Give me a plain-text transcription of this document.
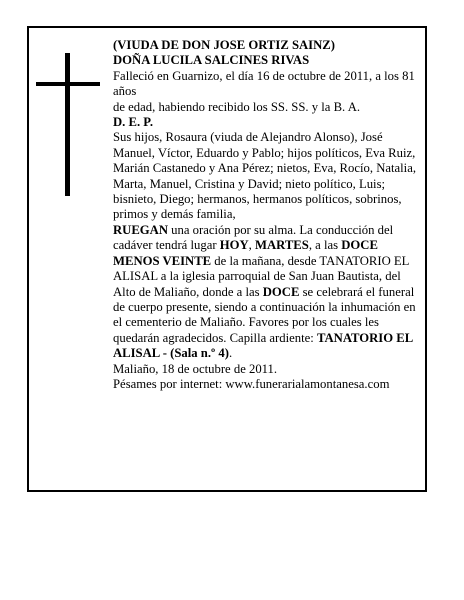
(VIUDA DE DON JOSE ORTIZ SAINZ)

DOÑA LUCILA SALCINES RIVAS

Falleció en Guarnizo, el día 16 de octubre de 2011, a los 81 años

de edad, habiendo recibido los SS. SS. y la B. A.

D. E. P.

Sus hijos, Rosaura (viuda de Alejandro Alonso), José Manuel, Víctor, Eduardo y Pablo; hijos políticos, Eva Ruiz, Marián Castanedo y Ana Pérez; nietos, Eva, Rocío, Natalia, Marta, Manuel, Cristina y David; nieto político, Luis; bisnieto, Diego; hermanos, hermanos políticos, sobrinos, primos y demás familia,

RUEGAN una oración por su alma. La conducción del cadáver tendrá lugar HOY, MARTES, a las DOCE MENOS VEINTE de la mañana, desde TANATORIO EL ALISAL a la iglesia parroquial de San Juan Bautista, del Alto de Maliaño, donde a las DOCE se celebrará el funeral de cuerpo presente, siendo a continuación la inhumación en el cementerio de Maliaño. Favores por los cuales les quedarán agradecidos. Capilla ardiente: TANATORIO EL ALISAL - (Sala n.º 4).

Maliaño, 18 de octubre de 2011.

Pésames por internet: www.funerarialamontanesa.com
